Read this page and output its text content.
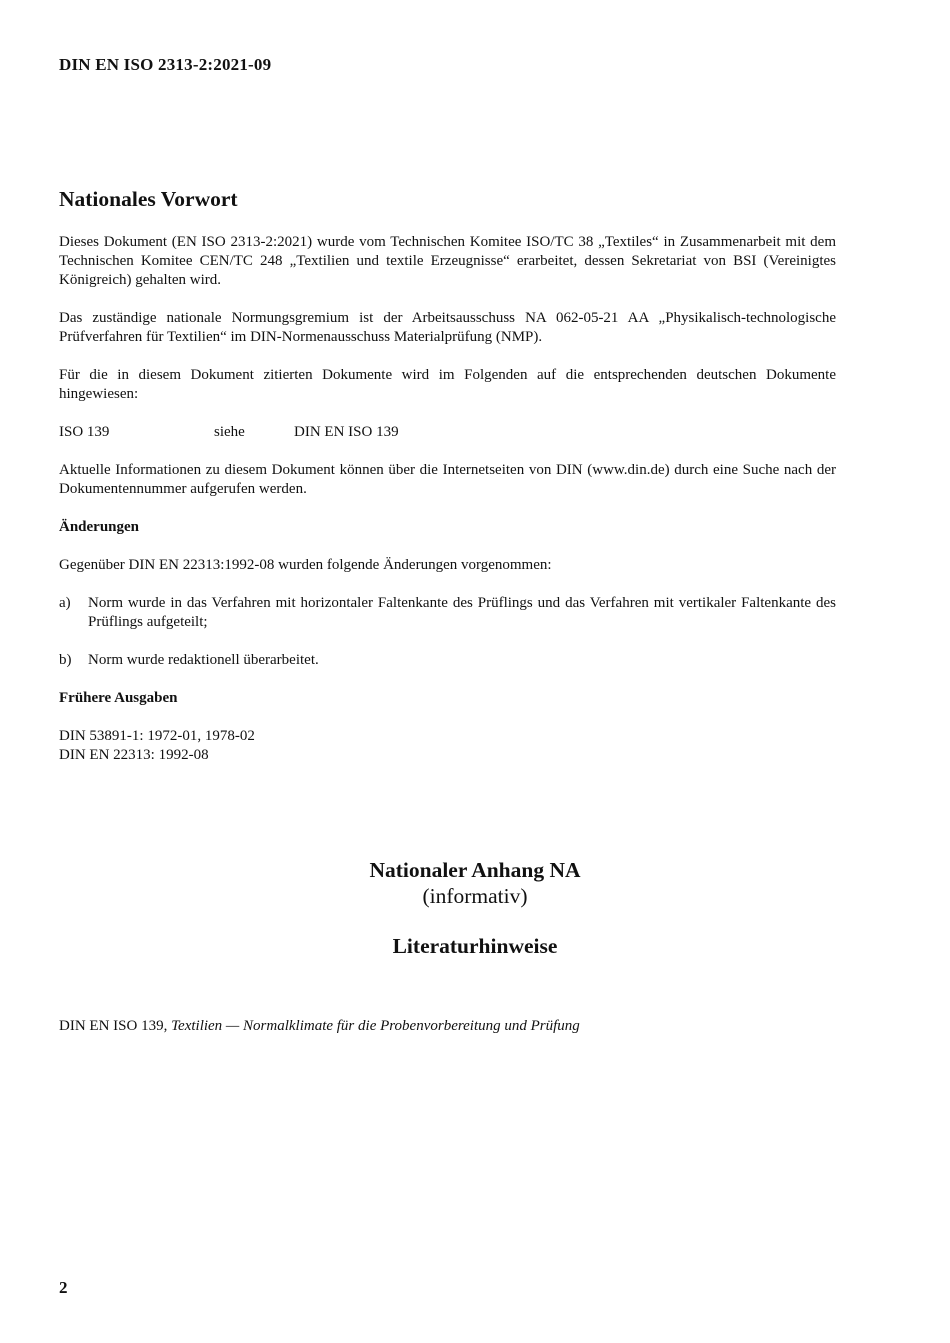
DIN EN ISO 2313-2:2021-09
Nationales Vorwort

Dieses Dokument (EN ISO 2313-2:2021) wurde vom Technischen Komitee ISO/TC 38 „Textiles“ in Zusammenarbeit mit dem Technischen Komitee CEN/TC 248 „Textilien und textile Erzeugnisse“ erarbeitet, dessen Sekretariat von BSI (Vereinigtes Königreich) gehalten wird.

Das zuständige nationale Normungsgremium ist der Arbeitsausschuss NA 062-05-21 AA „Physikalisch-technologische Prüfverfahren für Textilien“ im DIN-Normenausschuss Materialprüfung (NMP).

Für die in diesem Dokument zitierten Dokumente wird im Folgenden auf die entsprechenden deutschen Dokumente hingewiesen:

ISO 139	siehe	DIN EN ISO 139

Aktuelle Informationen zu diesem Dokument können über die Internetseiten von DIN (www.din.de) durch eine Suche nach der Dokumentennummer aufgerufen werden.

Änderungen

Gegenüber DIN EN 22313:1992-08 wurden folgende Änderungen vorgenommen:

a)	Norm wurde in das Verfahren mit horizontaler Faltenkante des Prüflings und das Verfahren mit vertikaler Faltenkante des Prüflings aufgeteilt;
b)	Norm wurde redaktionell überarbeitet.
Frühere Ausgaben
DIN 53891-1: 1972-01, 1978-02
DIN EN 22313: 1992-08
Nationaler Anhang NA
(informativ)
Literaturhinweise
DIN EN ISO 139, Textilien — Normalklimate für die Probenvorbereitung und Prüfung
2
